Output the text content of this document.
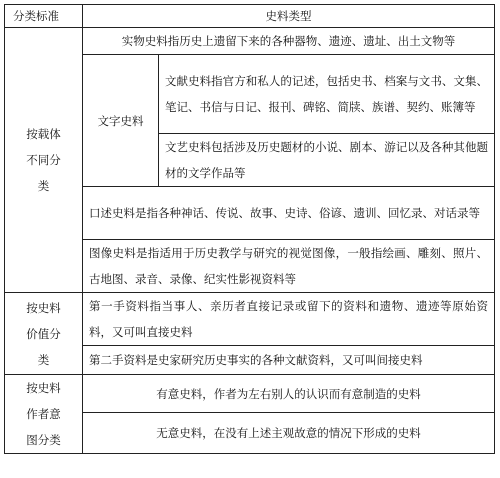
分类标准	史料类型	
按载体不同分类	实物史料指历史上遗留下来的各种器物、遗迹、遗址、出土文物等	
	文字史料	文献史料指官方和私人的记述，包括史书、档案与文书、文集、笔记、书信与日记、报刊、碑铭、简牍、族谱、契约、账簿等
		文艺史料包括涉及历史题材的小说、剧本、游记以及各种其他题材的文学作品等
	口述史料是指各种神话、传说、故事、史诗、俗谚、遗训、回忆录、对话录等	
	图像史料是指适用于历史教学与研究的视觉图像，一般指绘画、雕刻、照片、古地图、录音、录像、纪实性影视资料等	
按史料价值分类	第一手资料指当事人、亲历者直接记录或留下的资料和遗物、遗迹等原始资料，又可叫直接史料	
	第二手资料是史家研究历史事实的各种文献资料，又可叫间接史料	
按史料作者意图分类	有意史料，作者为左右别人的认识而有意制造的史料	
	无意史料，在没有上述主观故意的情况下形成的史料	
